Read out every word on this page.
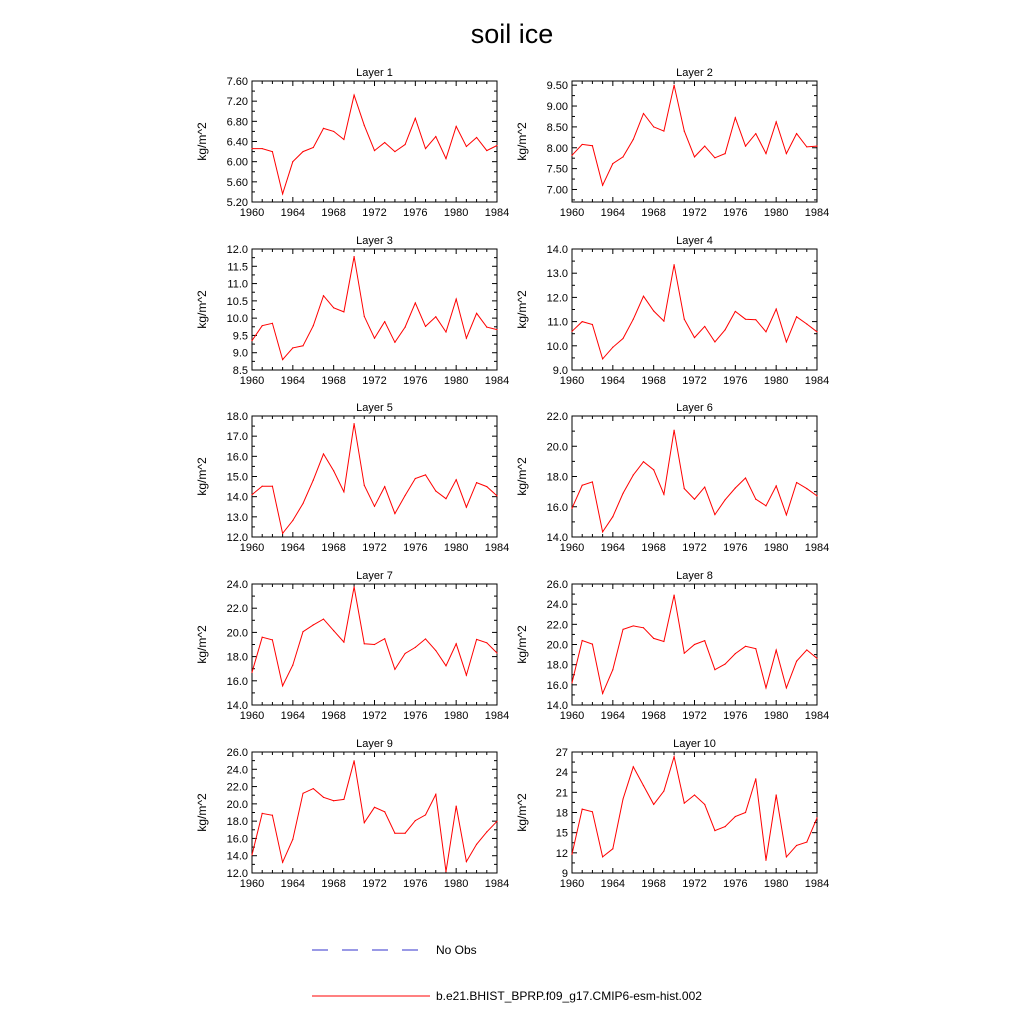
soil ice
Layer 1
kg/m^2
1960 1964 1968 1972 1976 1980 1984
5.20
5.60
6.00
6.40
6.80
7.20
7.60
Layer 2
kg/m^2
1960 1964 1968 1972 1976 1980 1984
7.00
7.50
8.00
8.50
9.00
9.50
Layer 3
kg/m^2
1960 1964 1968 1972 1976 1980 1984
8.5
9.0
9.5
10.0
10.5
11.0
11.5
12.0
Layer 4
kg/m^2
1960 1964 1968 1972 1976 1980 1984
9.0
10.0
11.0
12.0
13.0
14.0
Layer 5
kg/m^2
1960 1964 1968 1972 1976 1980 1984
12.0
13.0
14.0
15.0
16.0
17.0
18.0
Layer 6
kg/m^2
1960 1964 1968 1972 1976 1980 1984
14.0
16.0
18.0
20.0
22.0
Layer 7
kg/m^2
1960 1964 1968 1972 1976 1980 1984
14.0
16.0
18.0
20.0
22.0
24.0
Layer 8
kg/m^2
1960 1964 1968 1972 1976 1980 1984
14.0
16.0
18.0
20.0
22.0
24.0
26.0
Layer 9
kg/m^2
1960 1964 1968 1972 1976 1980 1984
12.0
14.0
16.0
18.0
20.0
22.0
24.0
26.0
Layer 10
kg/m^2
1960 1964 1968 1972 1976 1980 1984
9
12
15
18
21
24
27
No Obs
b.e21.BHIST_BPRP.f09_g17.CMIP6-esm-hist.002
